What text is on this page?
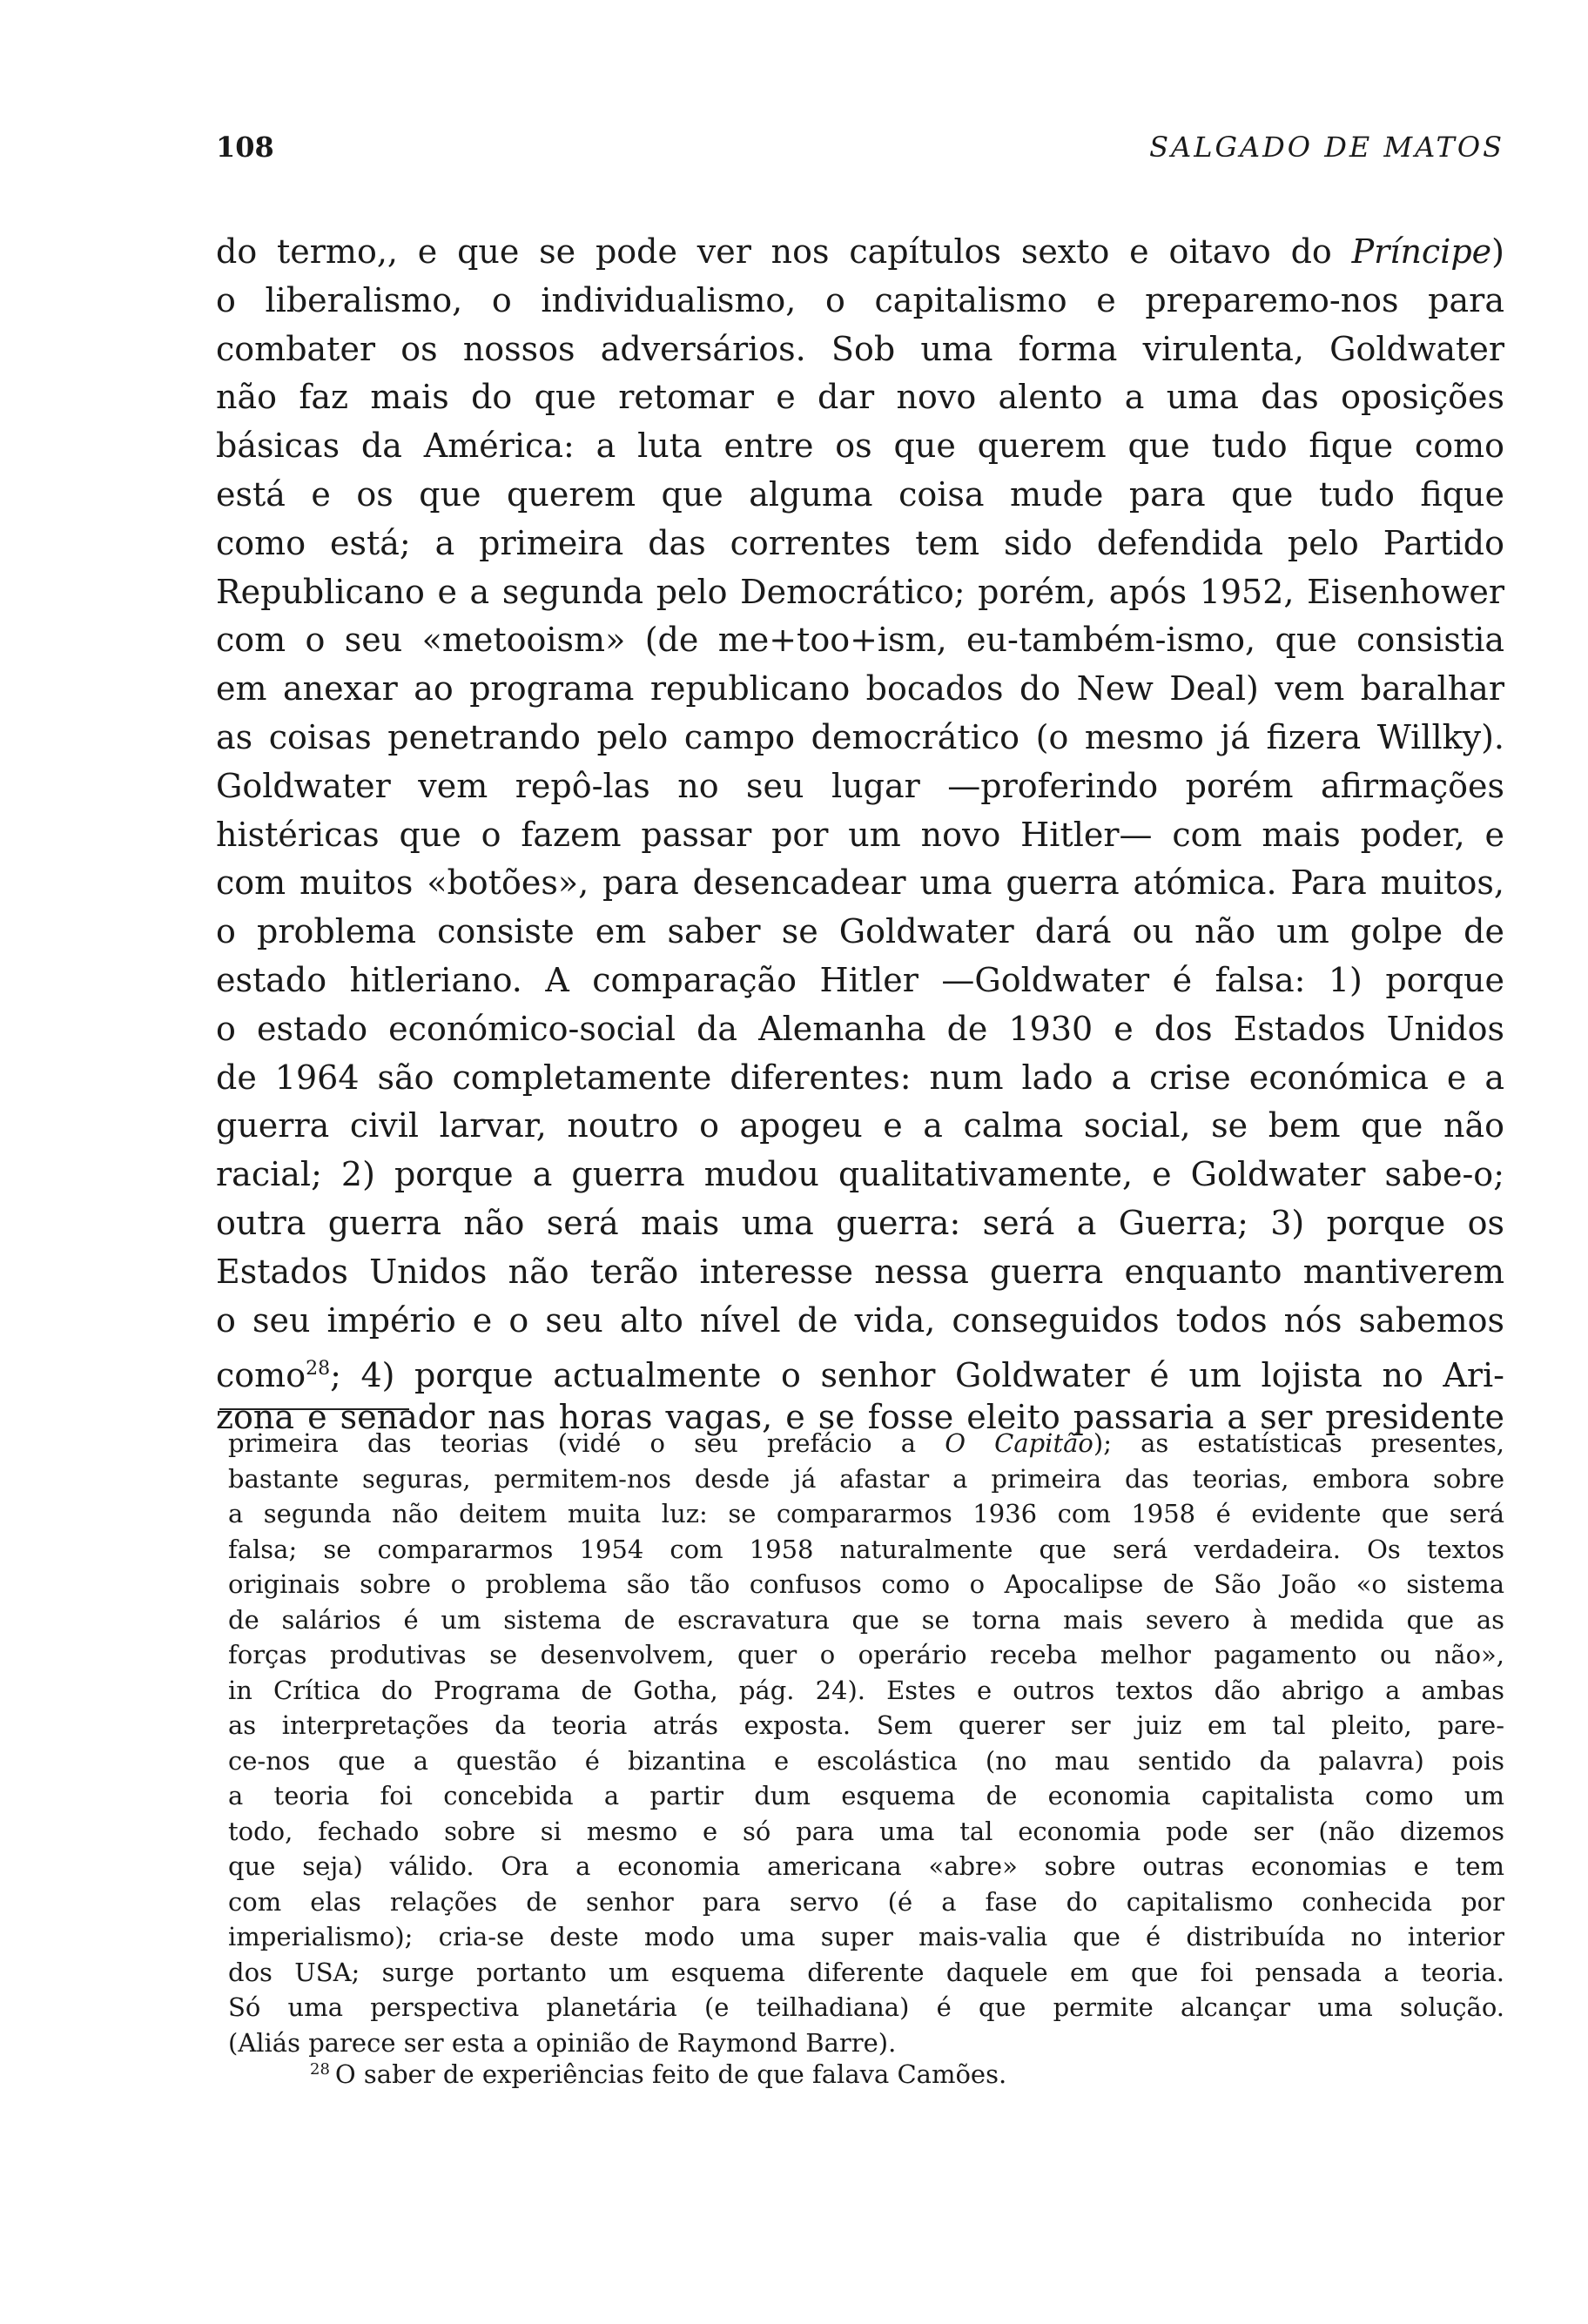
108	SALGADO DE MATOS
do termo,, e que se pode ver nos capítulos sexto e oitavo do Príncipe)
o liberalismo, o individualismo, o capitalismo e preparemo-nos para
combater os nossos adversários. Sob uma forma virulenta, Goldwater
não faz mais do que retomar e dar novo alento a uma das oposições
básicas da América: a luta entre os que querem que tudo fique como
está e os que querem que alguma coisa mude para que tudo fique
como está; a primeira das correntes tem sido defendida pelo Partido
Republicano e a segunda pelo Democrático; porém, após 1952, Eisenhower
com o seu «metooism» (de me+too+ism, eu-também-ismo, que consistia
em anexar ao programa republicano bocados do New Deal) vem baralhar
as coisas penetrando pelo campo democrático (o mesmo já fizera Willky).
Goldwater vem repô-las no seu lugar —proferindo porém afirmações
histéricas que o fazem passar por um novo Hitler— com mais poder, e
com muitos «botões», para desencadear uma guerra atómica. Para muitos,
o problema consiste em saber se Goldwater dará ou não um golpe de
estado hitleriano. A comparação Hitler —Goldwater é falsa: 1) porque
o estado económico-social da Alemanha de 1930 e dos Estados Unidos
de 1964 são completamente diferentes: num lado a crise económica e a
guerra civil larvar, noutro o apogeu e a calma social, se bem que não
racial; 2) porque a guerra mudou qualitativamente, e Goldwater sabe-o;
outra guerra não será mais uma guerra: será a Guerra; 3) porque os
Estados Unidos não terão interesse nessa guerra enquanto mantiverem
o seu império e o seu alto nível de vida, conseguidos todos nós sabemos
como$^{28}$; 4) porque actualmente o senhor Goldwater é um lojista no Ari-
zona e senador nas horas vagas, e se fosse eleito passaria a ser presidente
primeira das teorias (vidé o seu prefácio a O Capitão); as estatísticas presentes,
bastante seguras, permitem-nos desde já afastar a primeira das teorias, embora sobre
a segunda não deitem muita luz: se compararmos 1936 com 1958 é evidente que será
falsa; se compararmos 1954 com 1958 naturalmente que será verdadeira. Os textos
originais sobre o problema são tão confusos como o Apocalipse de São João «o sistema
de salários é um sistema de escravatura que se torna mais severo à medida que as
forças produtivas se desenvolvem, quer o operário receba melhor pagamento ou não»,
in Crítica do Programa de Gotha, pág. 24). Estes e outros textos dão abrigo a ambas
as interpretações da teoria atrás exposta. Sem querer ser juiz em tal pleito, pare-
ce-nos que a questão é bizantina e escolástica (no mau sentido da palavra) pois
a teoria foi concebida a partir dum esquema de economia capitalista como um
todo, fechado sobre si mesmo e só para uma tal economia pode ser (não dizemos
que seja) válido. Ora a economia americana «abre» sobre outras economias e tem
com elas relações de senhor para servo (é a fase do capitalismo conhecida por
imperialismo); cria-se deste modo uma super mais-valia que é distribuída no interior
dos USA; surge portanto um esquema diferente daquele em que foi pensada a teoria.
Só uma perspectiva planetária (e teilhadiana) é que permite alcançar uma solução.
(Aliás parece ser esta a opinião de Raymond Barre).
$^{28}$ O saber de experiências feito de que falava Camões.
